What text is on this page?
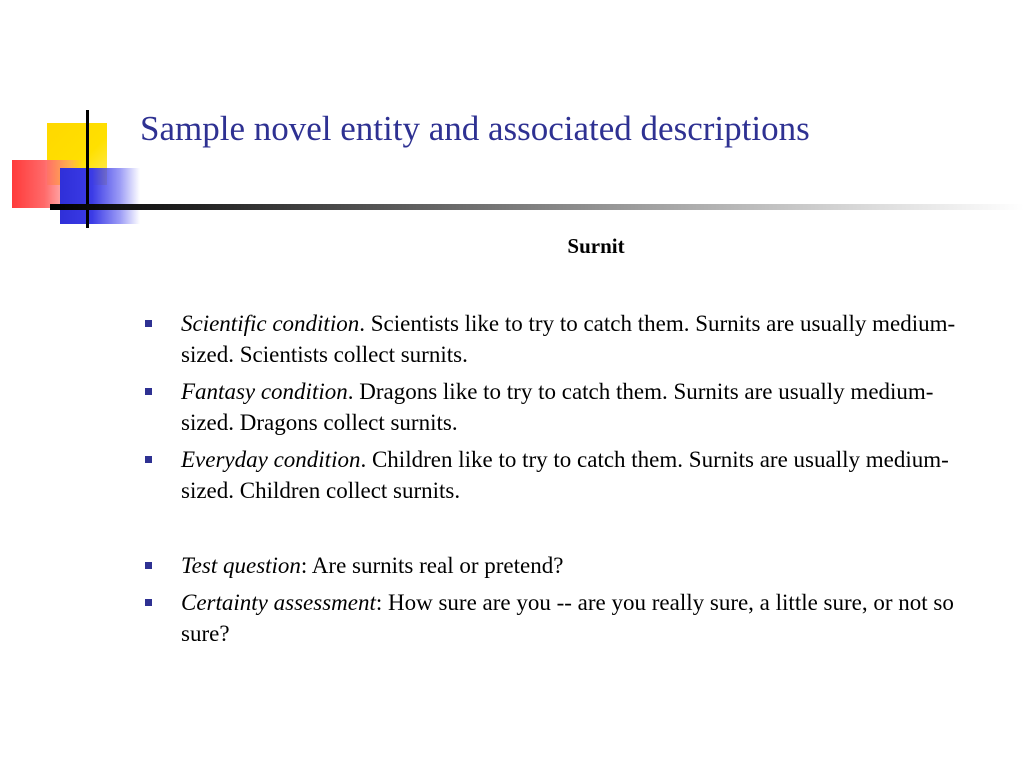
Sample novel entity and associated descriptions
Surnit
Scientific condition. Scientists like to try to catch them. Surnits are usually medium-sized. Scientists collect surnits.
Fantasy condition. Dragons like to try to catch them. Surnits are usually medium-sized. Dragons collect surnits.
Everyday condition. Children like to try to catch them. Surnits are usually medium-sized. Children collect surnits.
Test question: Are surnits real or pretend?
Certainty assessment: How sure are you -- are you really sure, a little sure, or not so sure?
